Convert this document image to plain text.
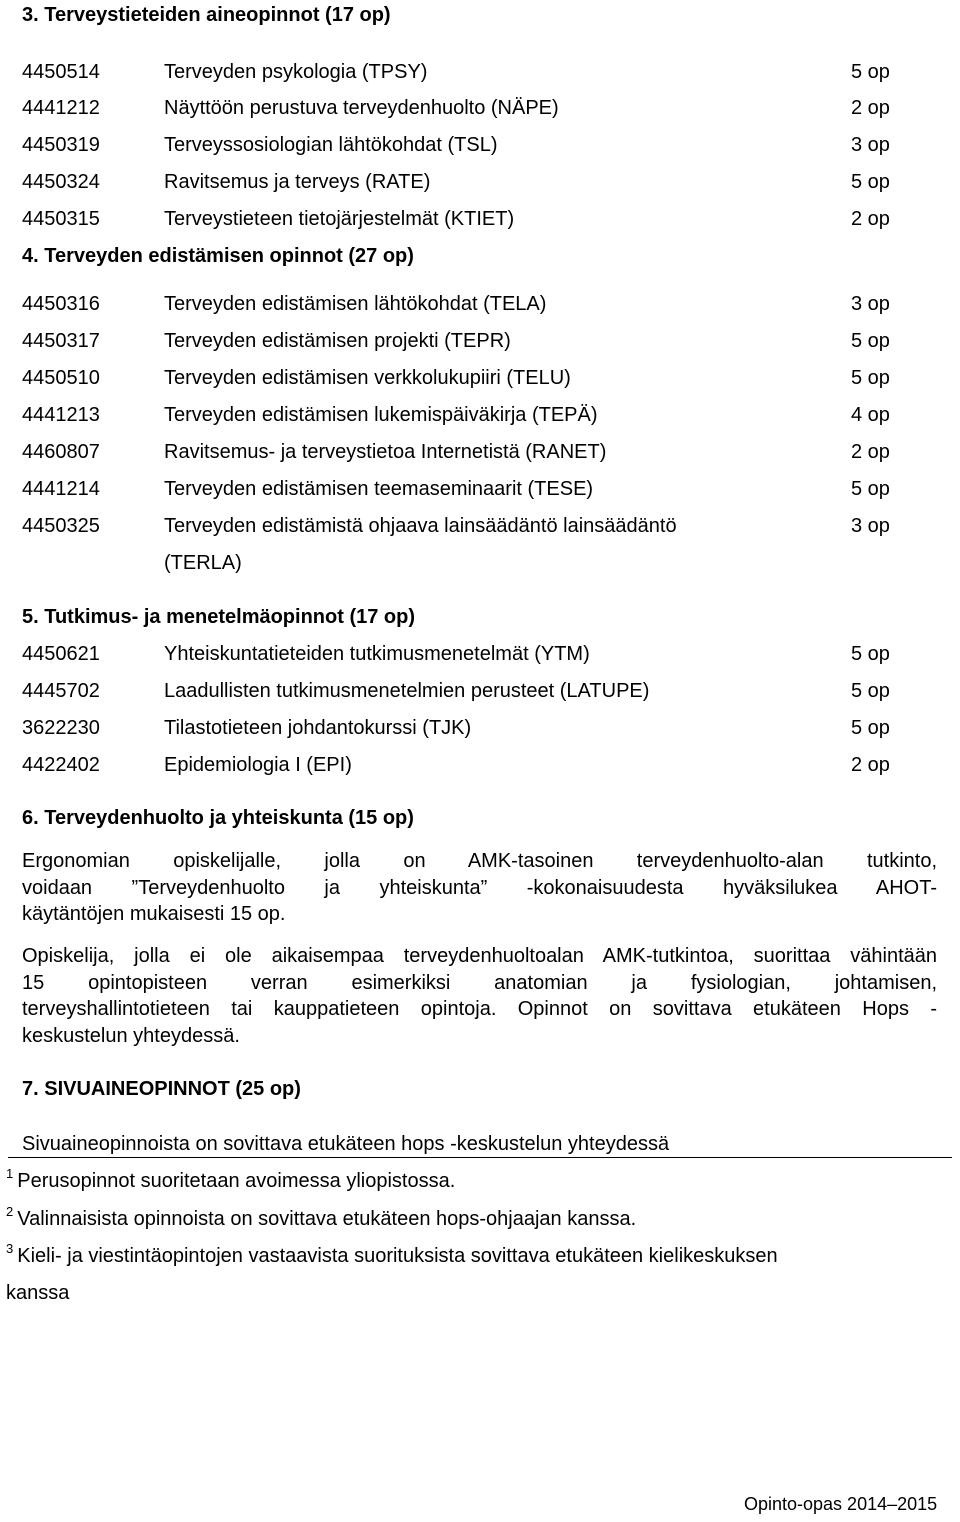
3. Terveystieteiden aineopinnot (17 op)
4450514	Terveyden psykologia (TPSY)	5 op
4441212	Näyttöön perustuva terveydenhuolto (NÄPE)	2 op
4450319	Terveyssosiologian lähtökohdat (TSL)	3 op
4450324	Ravitsemus ja terveys (RATE)	5 op
4450315	Terveystieteen tietojärjestelmät (KTIET)	2 op
4. Terveyden edistämisen opinnot (27 op)
4450316	Terveyden edistämisen lähtökohdat (TELA)	3 op
4450317	Terveyden edistämisen projekti (TEPR)	5 op
4450510	Terveyden edistämisen verkkolukupiiri (TELU)	5 op
4441213	Terveyden edistämisen lukemispäiväkirja (TEPÄ)	4 op
4460807	Ravitsemus- ja terveystietoa Internetistä (RANET)	2 op
4441214	Terveyden edistämisen teemaseminaarit (TESE)	5 op
4450325	Terveyden edistämistä ohjaava lainsäädäntö lainsäädäntö	3 op
(TERLA)
5. Tutkimus- ja menetelmäopinnot (17 op)
4450621	Yhteiskuntatieteiden tutkimusmenetelmät (YTM)	5 op
4445702	Laadullisten tutkimusmenetelmien perusteet (LATUPE)	5 op
3622230	Tilastotieteen johdantokurssi (TJK)	5 op
4422402	Epidemiologia I (EPI)	2 op
6. Terveydenhuolto ja yhteiskunta (15 op)
Ergonomian opiskelijalle, jolla on AMK-tasoinen terveydenhuolto-alan tutkinto,
voidaan ”Terveydenhuolto ja yhteiskunta” -kokonaisuudesta hyväksilukea AHOT-
käytäntöjen mukaisesti 15 op.
Opiskelija, jolla ei ole aikaisempaa terveydenhuoltoalan AMK-tutkintoa, suorittaa vähintään
15 opintopisteen verran esimerkiksi anatomian ja fysiologian, johtamisen,
terveyshallintotieteen tai kauppatieteen opintoja. Opinnot on sovittava etukäteen Hops -
keskustelun yhteydessä.
7. SIVUAINEOPINNOT (25 op)
Sivuaineopinnoista on sovittava etukäteen hops -keskustelun yhteydessä
$^1$ Perusopinnot suoritetaan avoimessa yliopistossa.
$^2$ Valinnaisista opinnoista on sovittava etukäteen hops-ohjaajan kanssa.
$^3$ Kieli- ja viestintäopintojen vastaavista suorituksista sovittava etukäteen kielikeskuksen
kanssa
Opinto-opas 2014–2015
